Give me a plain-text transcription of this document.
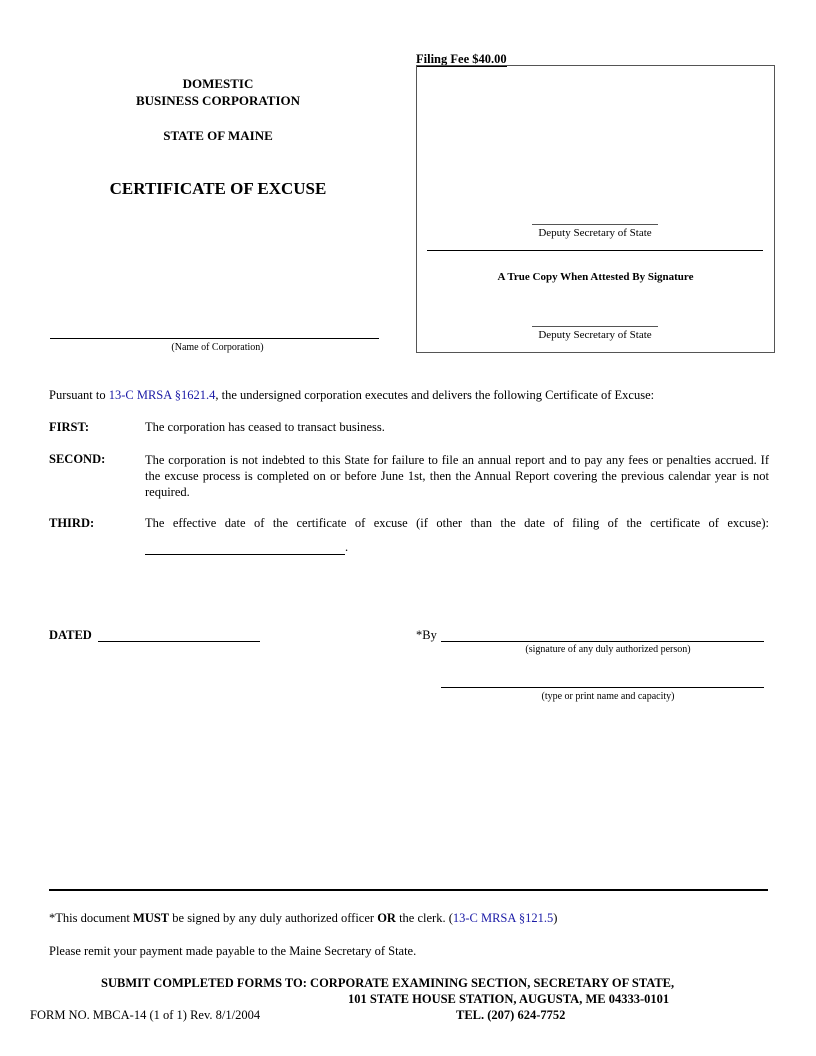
Filing Fee $40.00
DOMESTIC
BUSINESS CORPORATION
STATE OF MAINE
CERTIFICATE OF EXCUSE
(Name of Corporation)
Deputy Secretary of State
A True Copy When Attested By Signature
Deputy Secretary of State
Pursuant to 13-C MRSA §1621.4, the undersigned corporation executes and delivers the following Certificate of Excuse:
FIRST:	The corporation has ceased to transact business.
SECOND:	The corporation is not indebted to this State for failure to file an annual report and to pay any fees or penalties accrued. If the excuse process is completed on or before June 1st, then the Annual Report covering the previous calendar year is not required.
THIRD:	The effective date of the certificate of excuse (if other than the date of filing of the certificate of excuse):
.
DATED	*By
(signature of any duly authorized person)
(type or print name and capacity)
*This document MUST be signed by any duly authorized officer OR the clerk. (13-C MRSA §121.5)
Please remit your payment made payable to the Maine Secretary of State.
SUBMIT COMPLETED FORMS TO: CORPORATE EXAMINING SECTION, SECRETARY OF STATE,
101 STATE HOUSE STATION, AUGUSTA, ME 04333-0101
TEL. (207) 624-7752
FORM NO. MBCA-14 (1 of 1) Rev. 8/1/2004
